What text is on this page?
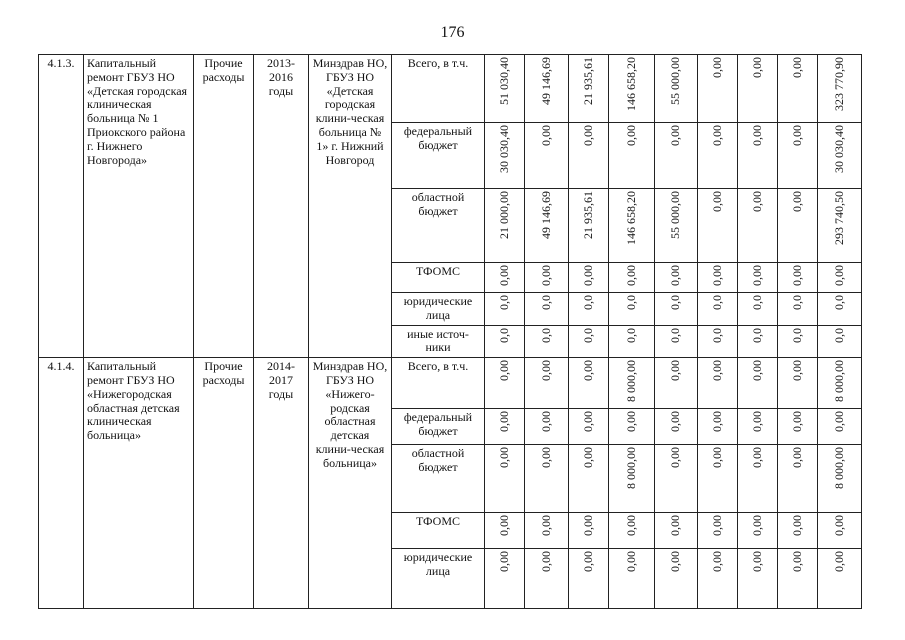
176
4.1.3.	Капитальный ремонт ГБУЗ НО «Детская городская клиническая больница № 1 Приокского района г. Нижнего Новгорода»	Прочие расходы	2013-2016 годы	Минздрав НО, ГБУЗ НО «Детская городская клини-ческая больница № 1» г. Нижний Новгород	Всего, в т.ч.	51 030,40	49 146,69	21 935,61	146 658,20	55 000,00	0,00	0,00	0,00	323 770,90
					федеральный бюджет	30 030,40	0,00	0,00	0,00	0,00	0,00	0,00	0,00	30 030,40
					областной бюджет	21 000,00	49 146,69	21 935,61	146 658,20	55 000,00	0,00	0,00	0,00	293 740,50
					ТФОМС	0,00	0,00	0,00	0,00	0,00	0,00	0,00	0,00	0,00
					юридические лица	0,0	0,0	0,0	0,0	0,0	0,0	0,0	0,0	0,0
					иные источ-ники	0,0	0,0	0,0	0,0	0,0	0,0	0,0	0,0	0,0
4.1.4.	Капитальный ремонт ГБУЗ НО «Нижегородская областная детская клиническая больница»	Прочие расходы	2014-2017 годы	Минздрав НО, ГБУЗ НО «Нижего-родская областная детская клини-ческая больница»	Всего, в т.ч.	0,00	0,00	0,00	8 000,00	0,00	0,00	0,00	0,00	8 000,00
					федеральный бюджет	0,00	0,00	0,00	0,00	0,00	0,00	0,00	0,00	0,00
					областной бюджет	0,00	0,00	0,00	8 000,00	0,00	0,00	0,00	0,00	8 000,00
					ТФОМС	0,00	0,00	0,00	0,00	0,00	0,00	0,00	0,00	0,00
					юридические лица	0,00	0,00	0,00	0,00	0,00	0,00	0,00	0,00	0,00
